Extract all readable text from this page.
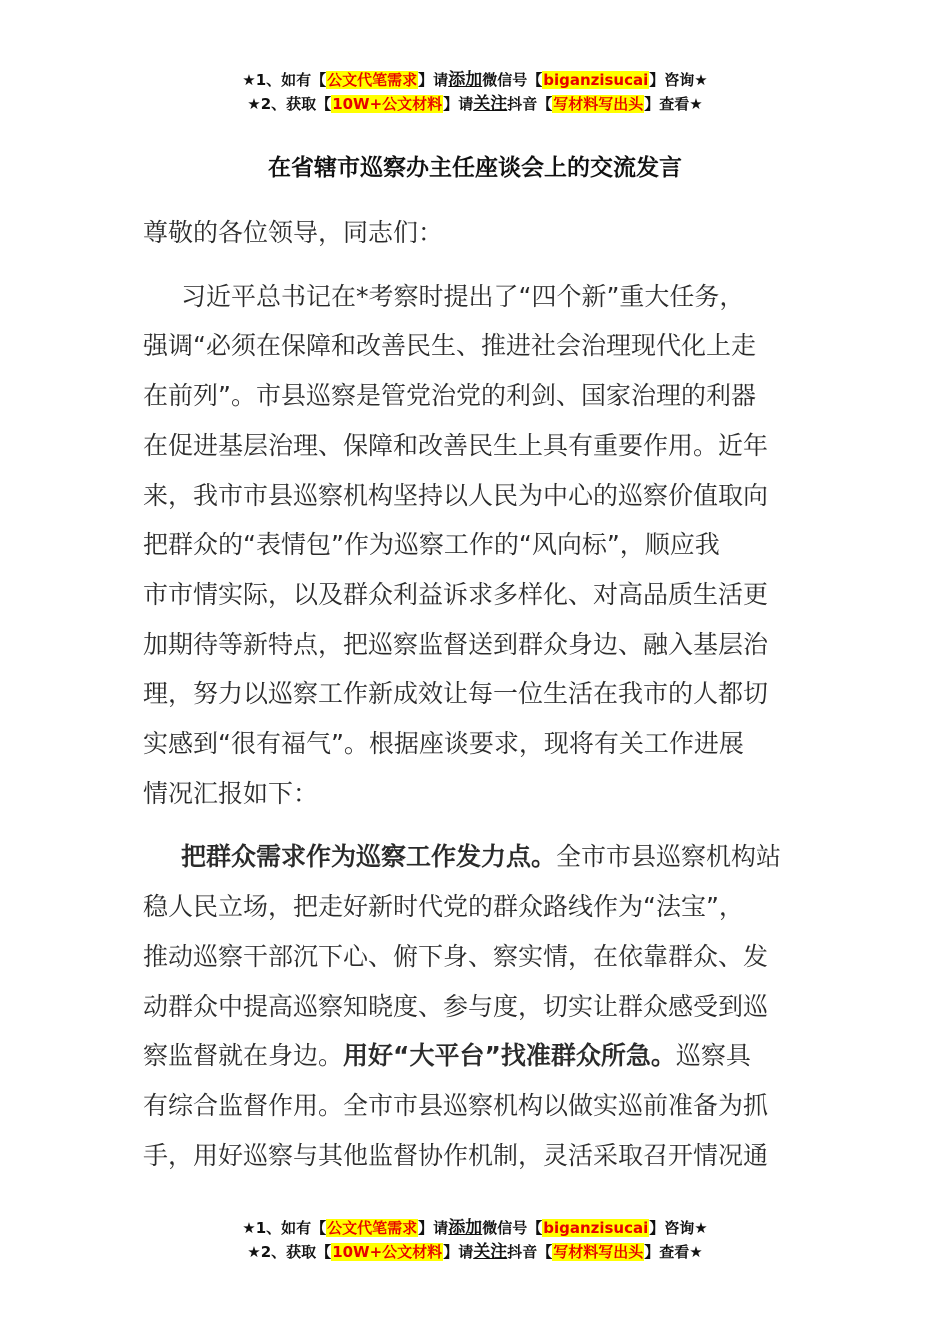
★1、如有【公文代笔需求】请添加微信号【biganzisucai】咨询★
★2、获取【10W+公文材料】请关注抖音【写材料写出头】查看★
在省辖市巡察办主任座谈会上的交流发言

尊敬的各位领导，同志们：

习近平总书记在*考察时提出了“四个新”重大任务，
强调“必须在保障和改善民生、推进社会治理现代化上走
在前列”。市县巡察是管党治党的利剑、国家治理的利器
在促进基层治理、保障和改善民生上具有重要作用。近年
来，我市市县巡察机构坚持以人民为中心的巡察价值取向
把群众的“表情包”作为巡察工作的“风向标”，顺应我
市市情实际，以及群众利益诉求多样化、对高品质生活更
加期待等新特点，把巡察监督送到群众身边、融入基层治
理，努力以巡察工作新成效让每一位生活在我市的人都切
实感到“很有福气”。根据座谈要求，现将有关工作进展
情况汇报如下：

把群众需求作为巡察工作发力点。全市市县巡察机构站
稳人民立场，把走好新时代党的群众路线作为“法宝”，
推动巡察干部沉下心、俯下身、察实情，在依靠群众、发
动群众中提高巡察知晓度、参与度，切实让群众感受到巡
察监督就在身边。用好“大平台”找准群众所急。巡察具
有综合监督作用。全市市县巡察机构以做实巡前准备为抓
手，用好巡察与其他监督协作机制，灵活采取召开情况通

★1、如有【公文代笔需求】请添加微信号【biganzisucai】咨询★
★2、获取【10W+公文材料】请关注抖音【写材料写出头】查看★
